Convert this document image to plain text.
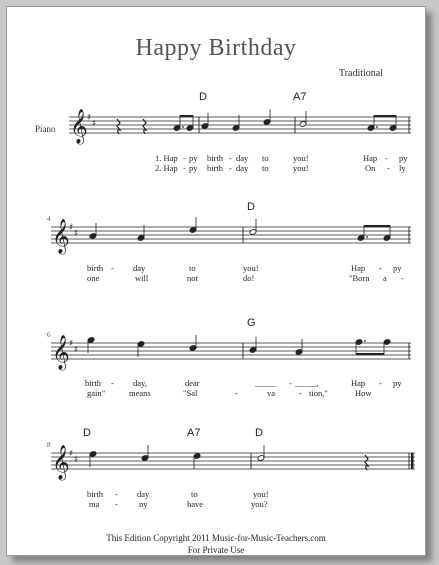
Happy Birthday
Traditional
Piano
D	A7
𝄞 ♯
♯
1. Hap - py birth - day to	you!	Hap - py
2. Hap - py birth - day to	you!	On - ly
4
D
𝄞 ♯
♯
birth - day	to	you!	Hap - py
one	will	not	do!	"Born a -
6
G
𝄞 ♯
♯
birth - day,	dear	_____ - _____,	Hap - py
gain"	means	"Sal	-	va	- tion,"	How
8
D	A7	D
𝄞 ♯
♯
birth - day	to	you!
ma - ny	have	you?
This Edition Copyright 2011 Music-for-Music-Teachers.com
For Private Use
